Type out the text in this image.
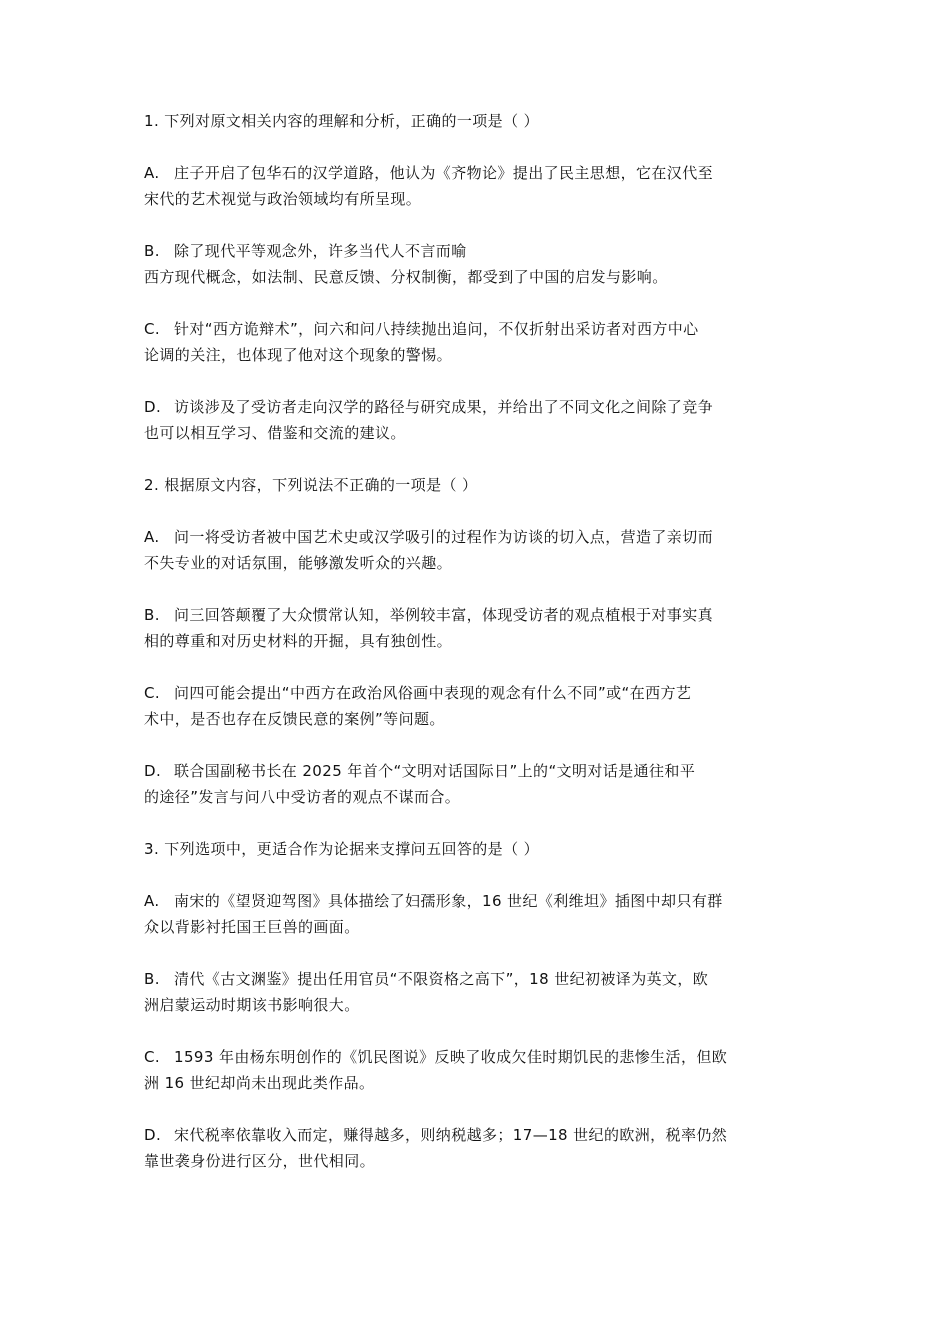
1. 下列对原文相关内容的理解和分析，正确的一项是（ ）

A. 庄子开启了包华石的汉学道路，他认为《齐物论》提出了民主思想，它在汉代至
宋代的艺术视觉与政治领域均有所呈现。

B. 除了现代平等观念外，许多当代人不言而喻
西方现代概念，如法制、民意反馈、分权制衡，都受到了中国的启发与影响。

C. 针对“西方诡辩术”，问六和问八持续抛出追问，不仅折射出采访者对西方中心
论调的关注，也体现了他对这个现象的警惕。

D. 访谈涉及了受访者走向汉学的路径与研究成果，并给出了不同文化之间除了竞争
也可以相互学习、借鉴和交流的建议。

2. 根据原文内容，下列说法不正确的一项是（ ）

A. 问一将受访者被中国艺术史或汉学吸引的过程作为访谈的切入点，营造了亲切而
不失专业的对话氛围，能够激发听众的兴趣。

B. 问三回答颠覆了大众惯常认知，举例较丰富，体现受访者的观点植根于对事实真
相的尊重和对历史材料的开掘，具有独创性。

C. 问四可能会提出“中西方在政治风俗画中表现的观念有什么不同”或“在西方艺
术中，是否也存在反馈民意的案例”等问题。

D. 联合国副秘书长在 2025 年首个“文明对话国际日”上的“文明对话是通往和平
的途径”发言与问八中受访者的观点不谋而合。

3. 下列选项中，更适合作为论据来支撑问五回答的是（ ）

A. 南宋的《望贤迎驾图》具体描绘了妇孺形象，16 世纪《利维坦》插图中却只有群
众以背影衬托国王巨兽的画面。

B. 清代《古文渊鉴》提出任用官员“不限资格之高下”，18 世纪初被译为英文，欧
洲启蒙运动时期该书影响很大。

C. 1593 年由杨东明创作的《饥民图说》反映了收成欠佳时期饥民的悲惨生活，但欧
洲 16 世纪却尚未出现此类作品。

D. 宋代税率依靠收入而定，赚得越多，则纳税越多；17—18 世纪的欧洲，税率仍然
靠世袭身份进行区分，世代相同。
